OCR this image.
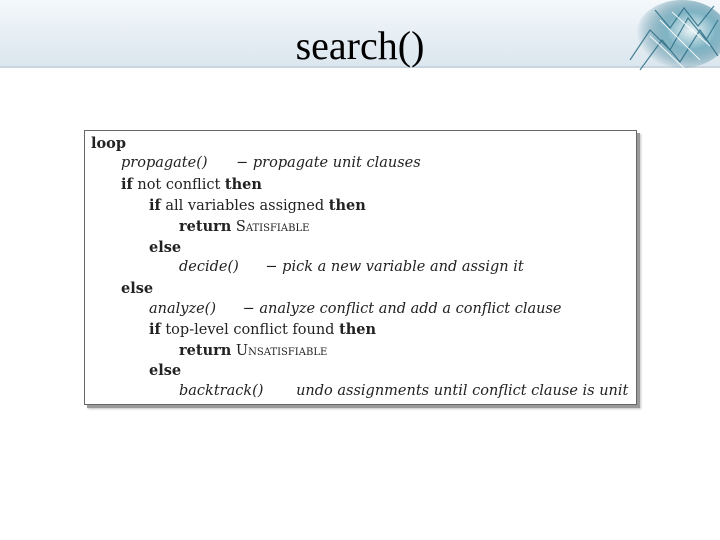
search()
loop
propagate() − propagate unit clauses
if not conflict then
if all variables assigned then
return Satisfiable
else
decide() − pick a new variable and assign it
else
analyze() − analyze conflict and add a conflict clause
if top-level conflict found then
return Unsatisfiable
else
backtrack() undo assignments until conflict clause is unit
